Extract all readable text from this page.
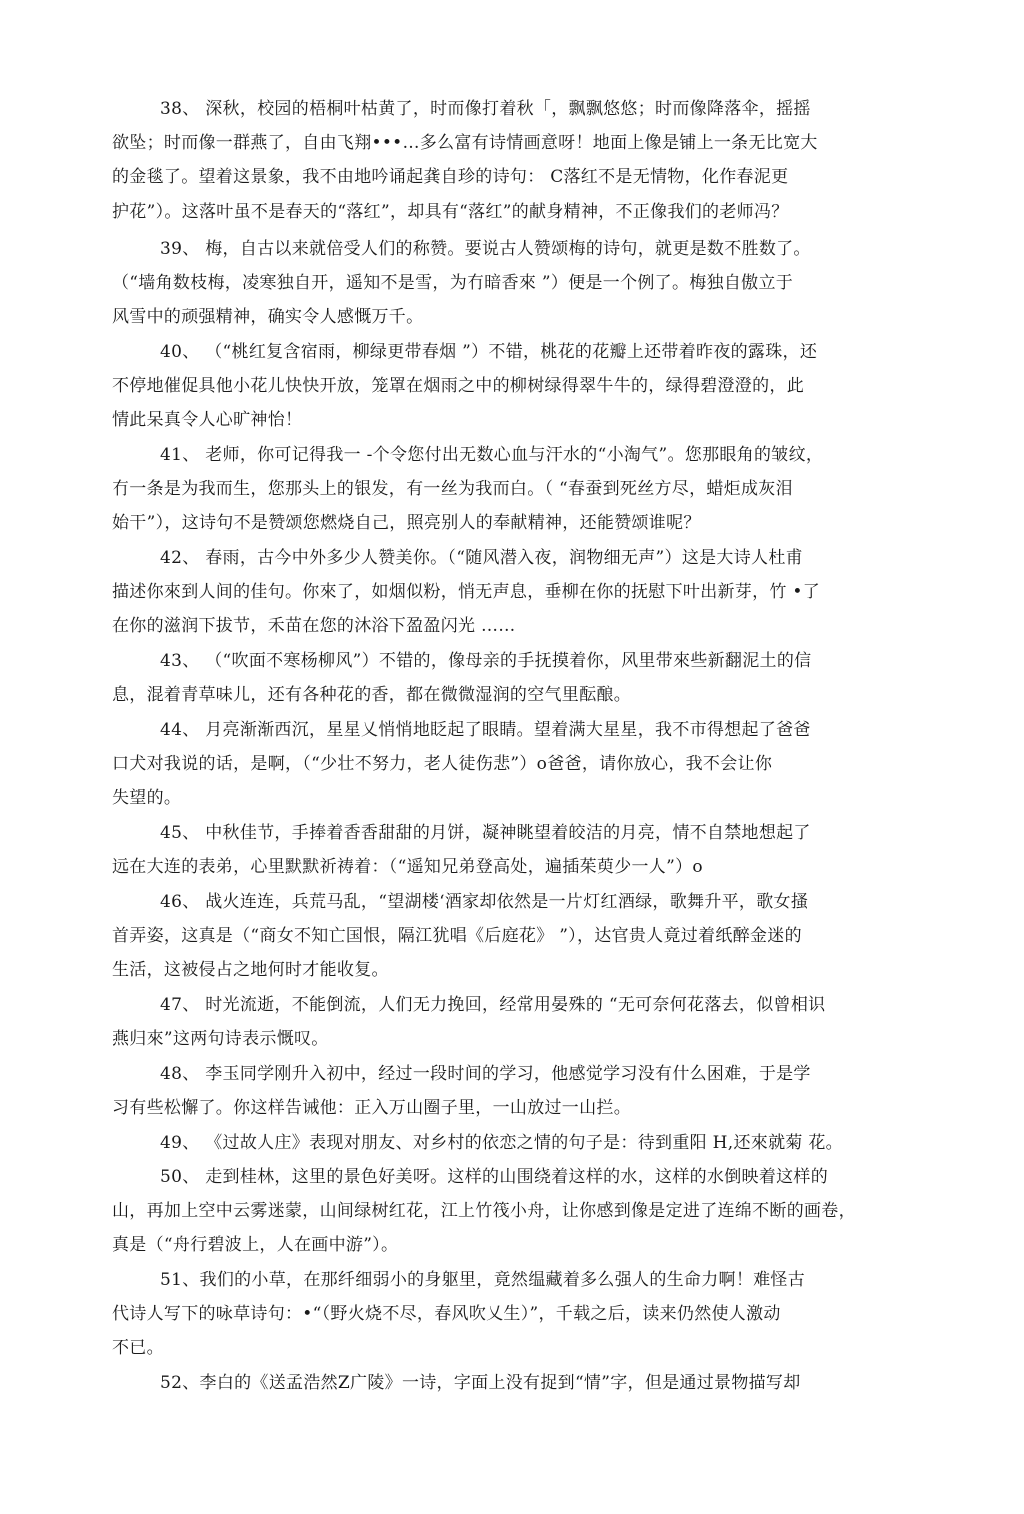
38、 深秋，校园的梧桐叶枯黄了，时而像打着秋「，飘飘悠悠；时而像降落伞，摇摇
欲坠；时而像一群燕了，自由飞翔•••…多么富有诗情画意呀！地面上像是铺上一条无比宽大
的金毯了。望着这景象，我不由地吟诵起龚自珍的诗句： C落红不是无情物，化作春泥更
护花”）。这落叶虽不是春天的“落红”，却具有“落红”的献身精神，不正像我们的老师冯？
39、 梅，自古以来就倍受人们的称赞。要说古人赞颂梅的诗句，就更是数不胜数了。
（“墙角数枝梅，凌寒独自开，遥知不是雪，为冇暗香來 ”）便是一个例了。梅独自傲立于
风雪中的顽强精神，确实令人感慨万千。
40、 （“桃红复含宿雨，柳绿更带春烟 ”）不错，桃花的花瓣上还带着昨夜的露珠，还
不停地催促具他小花儿快快开放，笼罩在烟雨之中的柳树绿得翠牛牛的，绿得碧澄澄的，此
情此呆真令人心旷神怡！
41、 老师，你可记得我一 -个令您付出无数心血与汗水的“小淘气”。您那眼角的皱纹，
冇一条是为我而生，您那头上的银发，有一丝为我而白。（ “春蚕到死丝方尽，蜡炬成灰泪
始干”），这诗句不是赞颂您燃烧自己，照亮别人的奉献精神，还能赞颂谁呢？
42、 春雨，古今中外多少人赞美你。（“随风潜入夜，润物细无声”）这是大诗人杜甫
描述你來到人间的佳句。你來了，如烟似粉，悄无声息，垂柳在你的抚慰下叶出新芽，竹 •了
在你的滋润下拔节，禾苗在您的沐浴下盈盈闪光 ……
43、 （“吹面不寒杨柳风”）不错的，像母亲的手抚摸着你，风里带來些新翻泥土的信
息，混着青草味儿，还有各种花的香，都在微微湿润的空气里酝酿。
44、 月亮渐渐西沉，星星乂悄悄地眨起了眼睛。望着满大星星，我不市得想起了爸爸
口犬对我说的话，是啊，（“少壮不努力，老人徒伤悲”）o爸爸，请你放心，我不会让你
失望的。
45、 中秋佳节，手捧着香香甜甜的月饼，凝神眺望着皎洁的月亮，情不自禁地想起了
远在大连的表弟，心里默默祈祷着：（“遥知兄弟登高处，遍插茱萸少一人”）o
46、 战火连连，兵荒马乱，“望湖楼‘酒家却依然是一片灯红酒绿，歌舞升平，歌女搔
首弄姿，这真是（“商女不知亡国恨，隔江犹唱《后庭花》 ”），达官贵人竟过着纸醉金迷的
生活，这被侵占之地何时才能收复。
47、 时光流逝，不能倒流，人们无力挽回，经常用晏殊的 “无可奈何花落去，似曾相识
燕归來”这两句诗表示慨叹。
48、 李玉同学刚升入初中，经过一段时间的学习，他感觉学习没有什么困难，于是学
习有些松懈了。你这样告诫他：正入万山圈子里，一山放过一山拦。
49、 《过故人庄》表现对朋友、对乡村的依恋之情的句子是：待到重阳 H,还來就菊 花。
50、 走到桂林，这里的景色好美呀。这样的山围绕着这样的水，这样的水倒映着这样的
山，再加上空中云雾迷蒙，山间绿树红花，江上竹筏小舟，让你感到像是定进了连绵不断的画卷，
真是（“舟行碧波上，人在画中游”）。
51、我们的小草，在那纤细弱小的身躯里，竟然缊藏着多么强人的生命力啊！难怪古
代诗人写下的咏草诗句：•“（野火烧不尽，春风吹乂生）”，千载之后，读来仍然使人激动
不已。
52、李白的《送孟浩然Z广陵》一诗，字面上没有捉到“情”字，但是通过景物描写却
